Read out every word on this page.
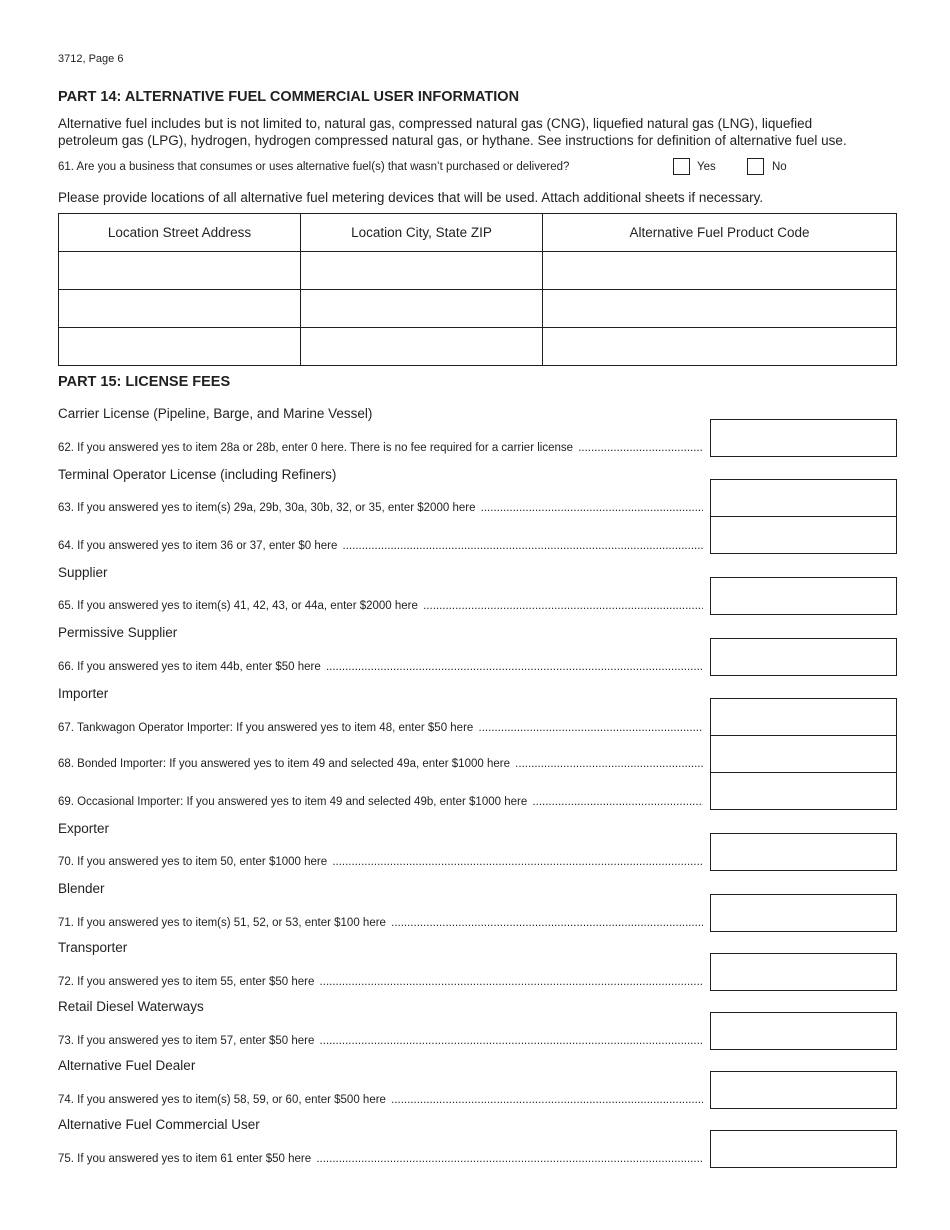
3712, Page 6
PART 14: ALTERNATIVE FUEL COMMERCIAL USER INFORMATION
Alternative fuel includes but is not limited to, natural gas, compressed natural gas (CNG), liquefied natural gas (LNG), liquefied
petroleum gas (LPG), hydrogen, hydrogen compressed natural gas, or hythane. See instructions for definition of alternative fuel use.
61. Are you a business that consumes or uses alternative fuel(s) that wasn’t purchased or delivered?	Yes	No
Please provide locations of all alternative fuel metering devices that will be used. Attach additional sheets if necessary.
Location Street Address	Location City, State ZIP	Alternative Fuel Product Code

PART 15: LICENSE FEES
Carrier License (Pipeline, Barge, and Marine Vessel)
62. If you answered yes to item 28a or 28b, enter 0 here. There is no fee required for a carrier license .....
Terminal Operator License (including Refiners)
63. If you answered yes to item(s) 29a, 29b, 30a, 30b, 32, or 35, enter $2000 here .....
64. If you answered yes to item 36 or 37, enter $0 here .....
Supplier
65. If you answered yes to item(s) 41, 42, 43, or 44a, enter $2000 here .....
Permissive Supplier
66. If you answered yes to item 44b, enter $50 here .....
Importer
67. Tankwagon Operator Importer: If you answered yes to item 48, enter $50 here .....
68. Bonded Importer: If you answered yes to item 49 and selected 49a, enter $1000 here .....
69. Occasional Importer: If you answered yes to item 49 and selected 49b, enter $1000 here .....
Exporter
70. If you answered yes to item 50, enter $1000 here .....
Blender
71. If you answered yes to item(s) 51, 52, or 53, enter $100 here .....
Transporter
72. If you answered yes to item 55, enter $50 here .....
Retail Diesel Waterways
73. If you answered yes to item 57, enter $50 here .....
Alternative Fuel Dealer
74. If you answered yes to item(s) 58, 59, or 60, enter $500 here .....
Alternative Fuel Commercial User
75. If you answered yes to item 61 enter $50 here .....
